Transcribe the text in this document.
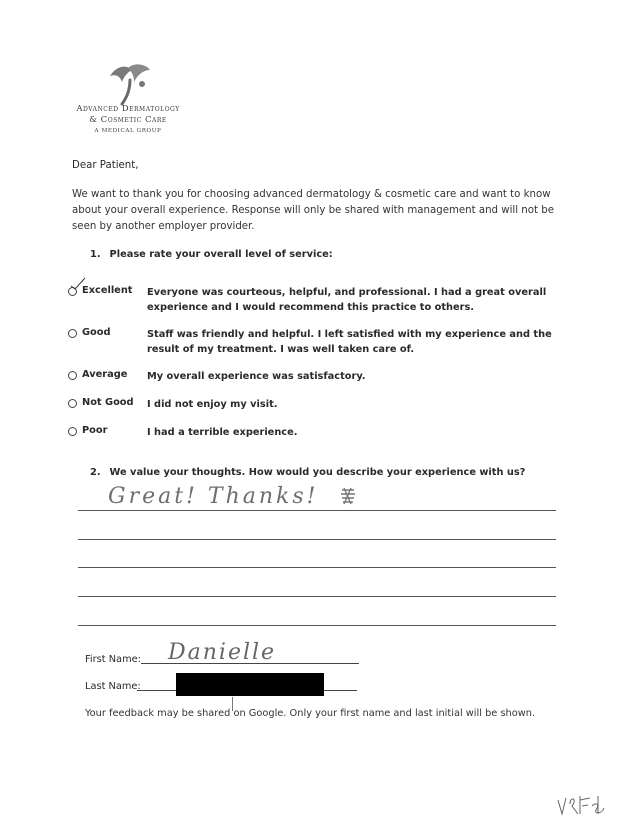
Advanced Dermatology
& Cosmetic Care
A MEDICAL GROUP
Dear Patient,
We want to thank you for choosing advanced dermatology & cosmetic care and want to know about your overall experience. Response will only be shared with management and will not be seen by another employer provider.
1. Please rate your overall level of service:
Excellent Everyone was courteous, helpful, and professional. I had a great overall experience and I would recommend this practice to others.
Good	Staff was friendly and helpful. I left satisfied with my experience and the result of my treatment. I was well taken care of.
Average My overall experience was satisfactory.
Not Good I did not enjoy my visit.
Poor	I had a terrible experience.
2. We value your thoughts. How would you describe your experience with us?
Great! Thanks!
First Name: Danielle
Last Name:
Your feedback may be shared on Google. Only your first name and last initial will be shown.
